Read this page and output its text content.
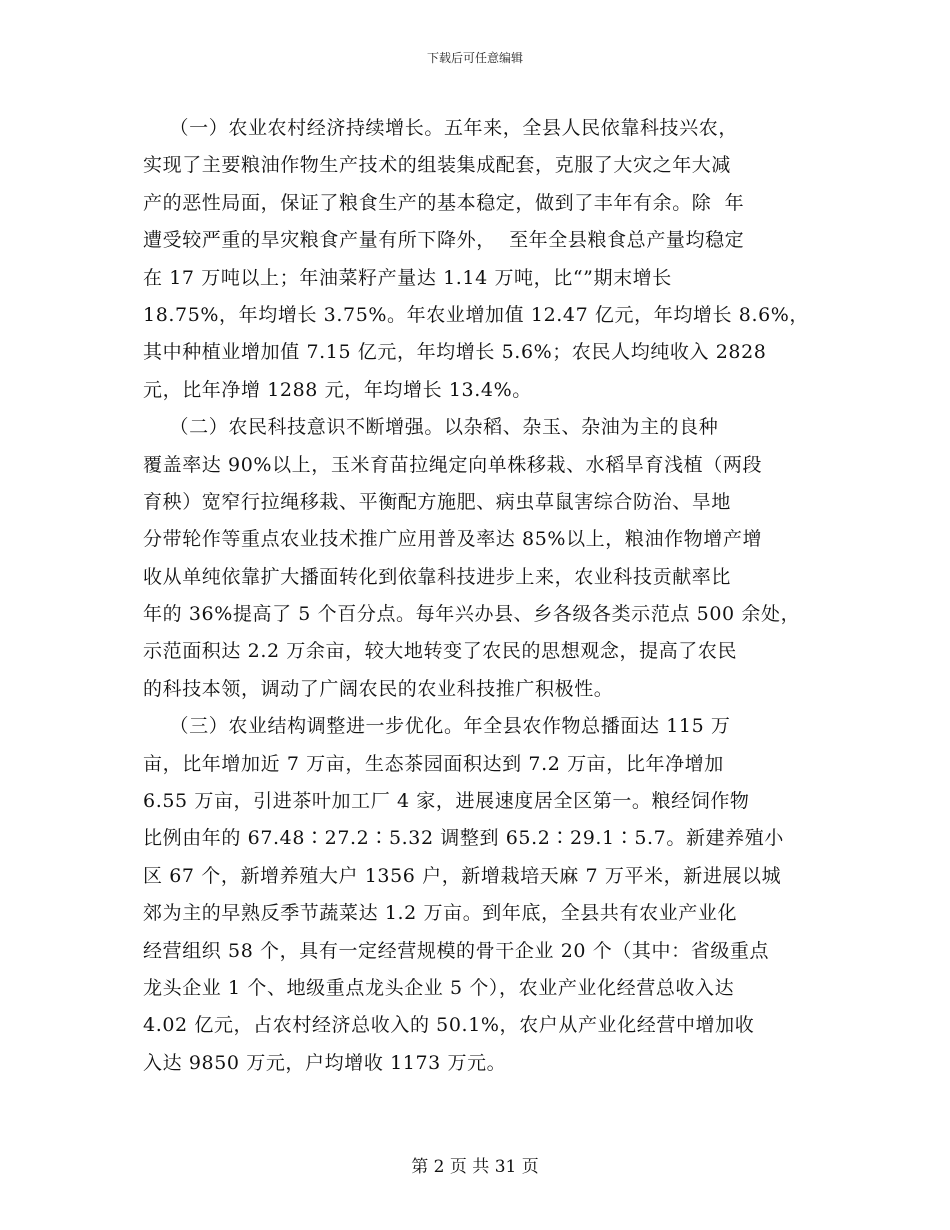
下载后可任意编辑
（一）农业农村经济持续增长。五年来，全县人民依靠科技兴农，
实现了主要粮油作物生产技术的组装集成配套，克服了大灾之年大减
产的恶性局面，保证了粮食生产的基本稳定，做到了丰年有余。除  年
遭受较严重的旱灾粮食产量有所下降外，  至年全县粮食总产量均稳定
在 17 万吨以上；年油菜籽产量达 1.14 万吨，比“”期末增长
18.75%，年均增长 3.75%。年农业增加值 12.47 亿元，年均增长 8.6%，
其中种植业增加值 7.15 亿元，年均增长 5.6%；农民人均纯收入 2828
元，比年净增 1288 元，年均增长 13.4%。
（二）农民科技意识不断增强。以杂稻、杂玉、杂油为主的良种
覆盖率达 90%以上，玉米育苗拉绳定向单株移栽、水稻旱育浅植（两段
育秧）宽窄行拉绳移栽、平衡配方施肥、病虫草鼠害综合防治、旱地
分带轮作等重点农业技术推广应用普及率达 85%以上，粮油作物增产增
收从单纯依靠扩大播面转化到依靠科技进步上来，农业科技贡献率比
年的 36%提高了 5 个百分点。每年兴办县、乡各级各类示范点 500 余处，
示范面积达 2.2 万余亩，较大地转变了农民的思想观念，提高了农民
的科技本领，调动了广阔农民的农业科技推广积极性。
（三）农业结构调整进一步优化。年全县农作物总播面达 115 万
亩，比年增加近 7 万亩，生态茶园面积达到 7.2 万亩，比年净增加
6.55 万亩，引进茶叶加工厂 4 家，进展速度居全区第一。粮经饲作物
比例由年的 67.48∶27.2∶5.32 调整到 65.2∶29.1∶5.7。新建养殖小
区 67 个，新增养殖大户 1356 户，新增栽培天麻 7 万平米，新进展以城
郊为主的早熟反季节蔬菜达 1.2 万亩。到年底，全县共有农业产业化
经营组织 58 个，具有一定经营规模的骨干企业 20 个（其中：省级重点
龙头企业 1 个、地级重点龙头企业 5 个），农业产业化经营总收入达
4.02 亿元，占农村经济总收入的 50.1%，农户从产业化经营中增加收
入达 9850 万元，户均增收 1173 万元。
第 2 页 共 31 页
